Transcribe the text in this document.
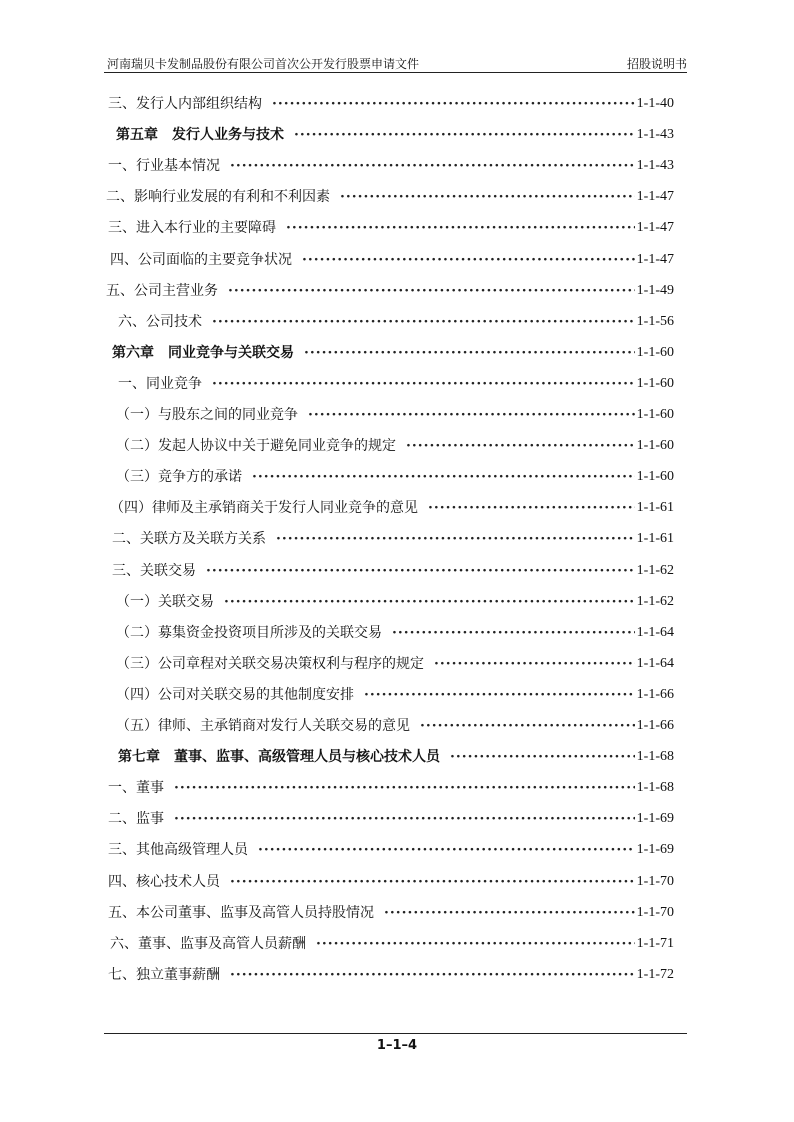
河南瑞贝卡发制品股份有限公司首次公开发行股票申请文件	招股说明书
三、发行人内部组织结构 ·····	1-1-40
第五章　发行人业务与技术 ·····	1-1-43
一、行业基本情况 ·····	1-1-43
二、影响行业发展的有利和不利因素 ·····	1-1-47
三、进入本行业的主要障碍 ·····	1-1-47
四、公司面临的主要竞争状况 ·····	1-1-47
五、公司主营业务 ·····	1-1-49
六、公司技术 ·····	1-1-56
第六章　同业竞争与关联交易 ·····	1-1-60
一、同业竞争 ·····	1-1-60
（一）与股东之间的同业竞争 ·····	1-1-60
（二）发起人协议中关于避免同业竞争的规定 ·····	1-1-60
（三）竞争方的承诺 ·····	1-1-60
（四）律师及主承销商关于发行人同业竞争的意见 ·····	1-1-61
二、关联方及关联方关系 ·····	1-1-61
三、关联交易 ·····	1-1-62
（一）关联交易 ·····	1-1-62
（二）募集资金投资项目所涉及的关联交易 ·····	1-1-64
（三）公司章程对关联交易决策权利与程序的规定 ·····	1-1-64
（四）公司对关联交易的其他制度安排 ·····	1-1-66
（五）律师、主承销商对发行人关联交易的意见 ·····	1-1-66
第七章　董事、监事、高级管理人员与核心技术人员 ·····	1-1-68
一、董事 ·····	1-1-68
二、监事 ·····	1-1-69
三、其他高级管理人员 ·····	1-1-69
四、核心技术人员 ·····	1-1-70
五、本公司董事、监事及高管人员持股情况 ·····	1-1-70
六、董事、监事及高管人员薪酬 ·····	1-1-71
七、独立董事薪酬 ·····	1-1-72
1–1–4
